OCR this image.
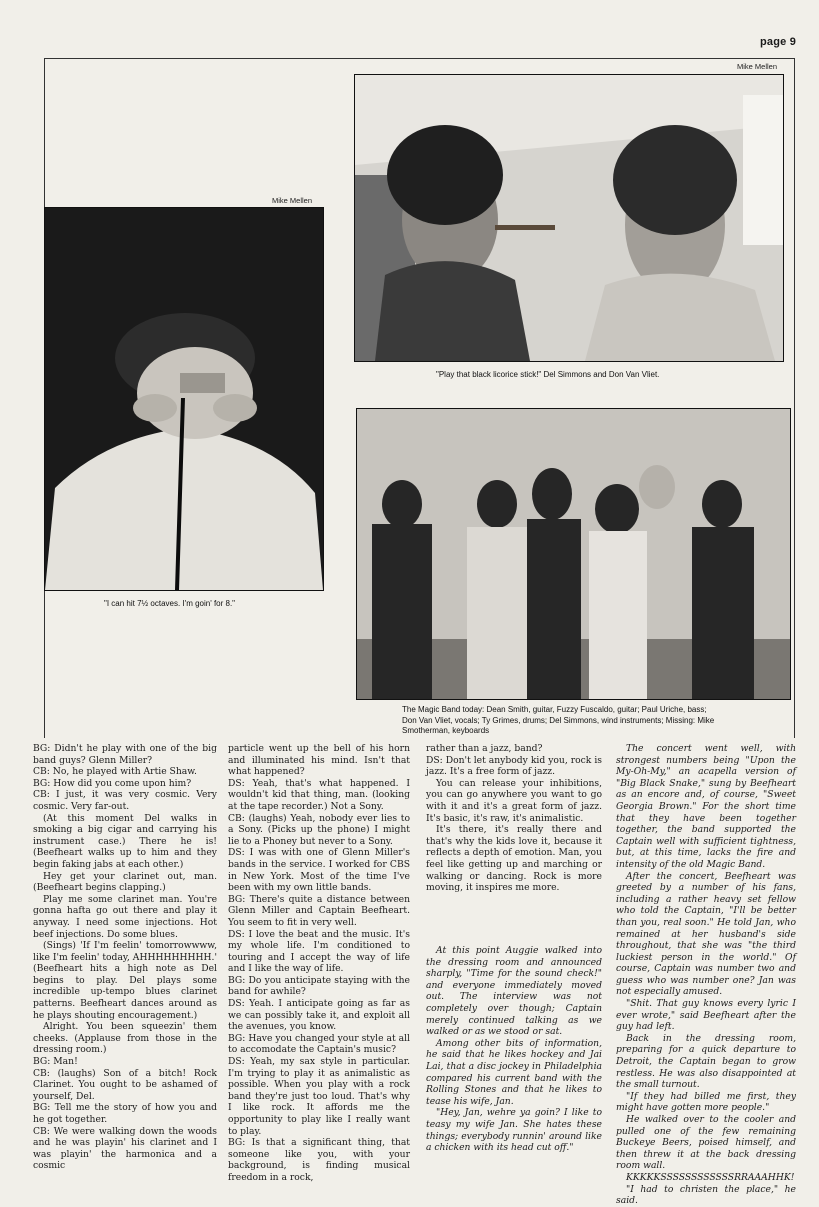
page 9
Mike Mellen
"Play that black licorice stick!" Del Simmons and Don Van Vliet.
Mike Mellen
"I can hit 7½ octaves. I'm goin' for 8."
The Magic Band today: Dean Smith, guitar, Fuzzy Fuscaldo, guitar; Paul Uriche, bass;
Don Van Vliet, vocals; Ty Grimes, drums; Del Simmons, wind instruments; Missing: Mike
Smotherman, keyboards

BG: Didn't he play with one of the big band guys? Glenn Miller?

CB: No, he played with Artie Shaw.

BG: How did you come upon him?

CB: I just, it was very cosmic. Very cosmic. Very far-out.

(At this moment Del walks in smoking a big cigar and carrying his instrument case.) There he is! (Beefheart walks up to him and they begin faking jabs at each other.)

Hey get your clarinet out, man. (Beefheart begins clapping.)

Play me some clarinet man. You're gonna hafta go out there and play it anyway. I need some injections. Hot beef injections. Do some blues.

(Sings) 'If I'm feelin' tomorrowwww, like I'm feelin' today, AHHHHHHHHH.' (Beefheart hits a high note as Del begins to play. Del plays some incredible up-tempo blues clarinet patterns. Beefheart dances around as he plays shouting encouragement.)

Alright. You been squeezin' them cheeks. (Applause from those in the dressing room.)

BG: Man!

CB: (laughs) Son of a bitch! Rock Clarinet. You ought to be ashamed of yourself, Del.

BG: Tell me the story of how you and he got together.

CB: We were walking down the woods and he was playin' his clarinet and I was playin' the harmonica and a cosmic

particle went up the bell of his horn and illuminated his mind. Isn't that what happened?

DS: Yeah, that's what happened. I wouldn't kid that thing, man. (looking at the tape recorder.) Not a Sony.

CB: (laughs) Yeah, nobody ever lies to a Sony. (Picks up the phone) I might lie to a Phoney but never to a Sony.

DS: I was with one of Glenn Miller's bands in the service. I worked for CBS in New York. Most of the time I've been with my own little bands.

BG: There's quite a distance between Glenn Miller and Captain Beefheart. You seem to fit in very well.

DS: I love the beat and the music. It's my whole life. I'm conditioned to touring and I accept the way of life and I like the way of life.

BG: Do you anticipate staying with the band for awhile?

DS: Yeah. I anticipate going as far as we can possibly take it, and exploit all the avenues, you know.

BG: Have you changed your style at all to accomodate the Captain's music?

DS: Yeah, my sax style in particular. I'm trying to play it as animalistic as possible. When you play with a rock band they're just too loud. That's why I like rock. It affords me the opportunity to play like I really want to play.

BG: Is that a significant thing, that someone like you, with your background, is finding musical freedom in a rock,

rather than a jazz, band?

DS: Don't let anybody kid you, rock is jazz. It's a free form of jazz.

You can release your inhibitions, you can go anywhere you want to go with it and it's a great form of jazz. It's basic, it's raw, it's animalistic.

It's there, it's really there and that's why the kids love it, because it reflects a depth of emotion. Man, you feel like getting up and marching or walking or dancing. Rock is more moving, it inspires me more.

At this point Auggie walked into the dressing room and announced sharply, "Time for the sound check!" and everyone immediately moved out. The interview was not completely over though; Captain merely continued talking as we walked or as we stood or sat.

Among other bits of information, he said that he likes hockey and Jai Lai, that a disc jockey in Philadelphia compared his current band with the Rolling Stones and that he likes to tease his wife, Jan.

"Hey, Jan, wehre ya goin? I like to teasy my wife Jan. She hates these things; everybody runnin' around like a chicken with its head cut off."

The concert went well, with strongest numbers being "Upon the My-Oh-My," an acapella version of "Big Black Snake," sung by Beefheart as an encore and, of course, "Sweet Georgia Brown." For the short time that they have been together together, the band supported the Captain well with sufficient tightness, but, at this time, lacks the fire and intensity of the old Magic Band.

After the concert, Beefheart was greeted by a number of his fans, including a rather heavy set fellow who told the Captain, "I'll be better than you, real soon." He told Jan, who remained at her husband's side throughout, that she was "the third luckiest person in the world." Of course, Captain was number two and guess who was number one? Jan was not especially amused.

"Shit. That guy knows every lyric I ever wrote," said Beefheart after the guy had left.

Back in the dressing room, preparing for a quick departure to Detroit, the Captain began to grow restless. He was also disappointed at the small turnout.

"If they had billed me first, they might have gotten more people."

He walked over to the cooler and pulled one of the few remaining Buckeye Beers, poised himself, and then threw it at the back dressing room wall.

KKKKKSSSSSSSSSSSSRRAAAHHK!

"I had to christen the place," he said.
